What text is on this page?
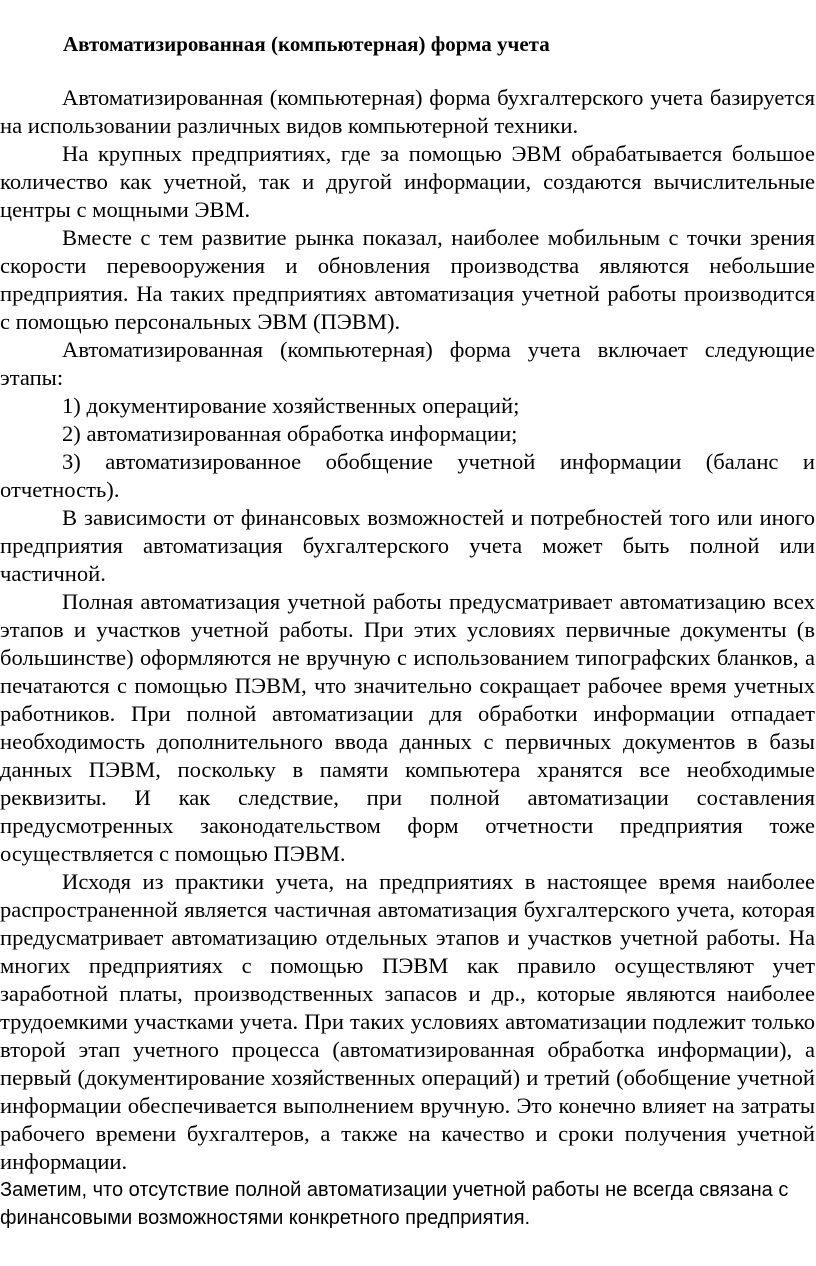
Автоматизированная (компьютерная) форма учета

Автоматизированная (компьютерная) форма бухгалтерского учета базируется на использовании различных видов компьютерной техники.

На крупных предприятиях, где за помощью ЭВМ обрабатывается большое количество как учетной, так и другой информации, создаются вычислительные центры с мощными ЭВМ.

Вместе с тем развитие рынка показал, наиболее мобильным с точки зрения скорости перевооружения и обновления производства являются небольшие предприятия. На таких предприятиях автоматизация учетной работы производится с помощью персональных ЭВМ (ПЭВМ).

Автоматизированная (компьютерная) форма учета включает следующие этапы:

1) документирование хозяйственных операций;

2) автоматизированная обработка информации;

3) автоматизированное обобщение учетной информации (баланс и отчетность).

В зависимости от финансовых возможностей и потребностей того или иного предприятия автоматизация бухгалтерского учета может быть полной или частичной.

Полная автоматизация учетной работы предусматривает автоматизацию всех этапов и участков учетной работы. При этих условиях первичные документы (в большинстве) оформляются не вручную с использованием типографских бланков, а печатаются с помощью ПЭВМ, что значительно сокращает рабочее время учетных работников. При полной автоматизации для обработки информации отпадает необходимость дополнительного ввода данных с первичных документов в базы данных ПЭВМ, поскольку в памяти компьютера хранятся все необходимые реквизиты. И как следствие, при полной автоматизации составления предусмотренных законодательством форм отчетности предприятия тоже осуществляется с помощью ПЭВМ.

Исходя из практики учета, на предприятиях в настоящее время наиболее распространенной является частичная автоматизация бухгалтерского учета, которая предусматривает автоматизацию отдельных этапов и участков учетной работы. На многих предприятиях с помощью ПЭВМ как правило осуществляют учет заработной платы, производственных запасов и др., которые являются наиболее трудоемкими участками учета. При таких условиях автоматизации подлежит только второй этап учетного процесса (автоматизированная обработка информации), а первый (документирование хозяйственных операций) и третий (обобщение учетной информации обеспечивается выполнением вручную. Это конечно влияет на затраты рабочего времени бухгалтеров, а также на качество и сроки получения учетной информации.

Заметим, что отсутствие полной автоматизации учетной работы не всегда связана с финансовыми возможностями конкретного предприятия.
